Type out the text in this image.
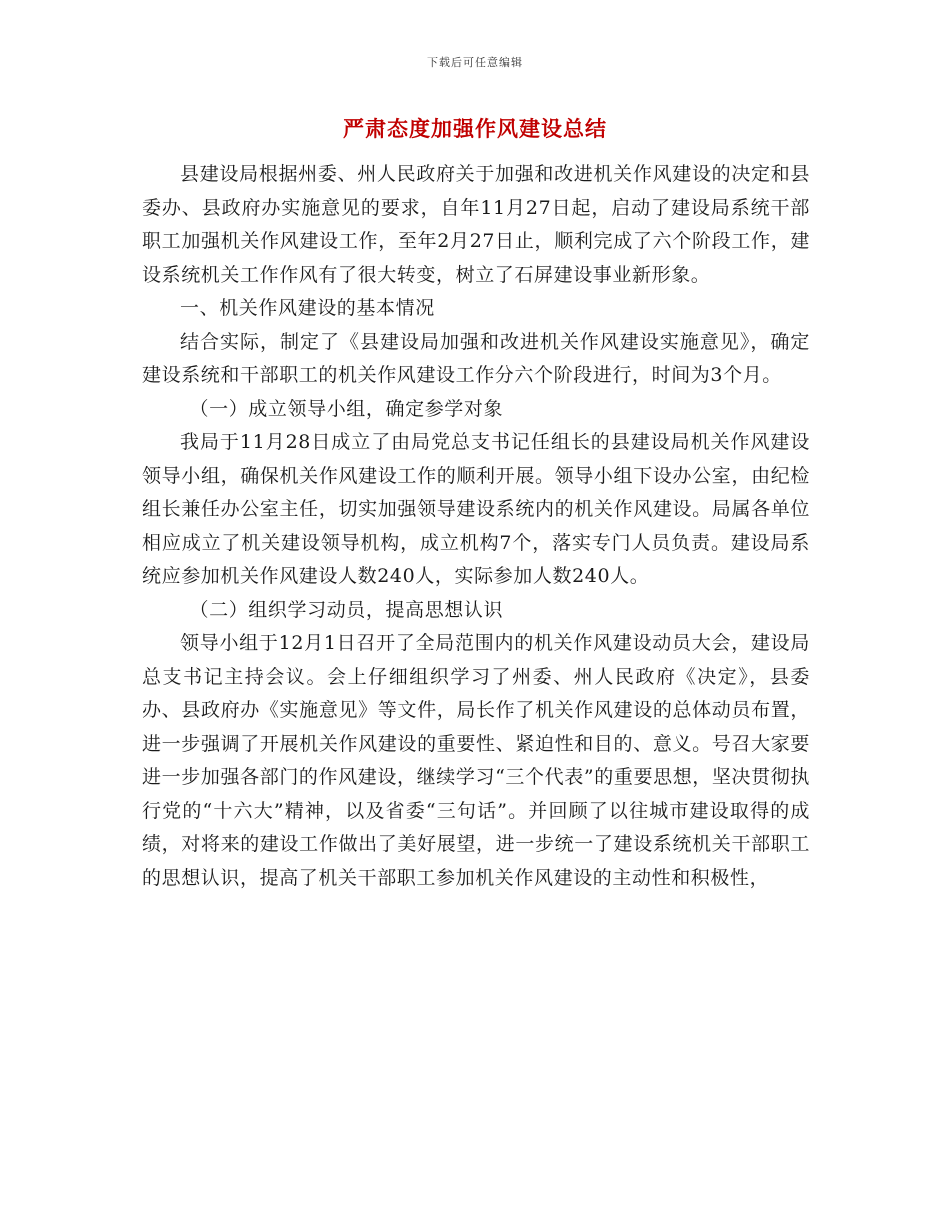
下载后可任意编辑
严肃态度加强作风建设总结

县建设局根据州委、州人民政府关于加强和改进机关作风建设的决定和县委办、县政府办实施意见的要求，自年11月27日起，启动了建设局系统干部职工加强机关作风建设工作，至年2月27日止，顺利完成了六个阶段工作，建设系统机关工作作风有了很大转变，树立了石屏建设事业新形象。

一、机关作风建设的基本情况

结合实际，制定了《县建设局加强和改进机关作风建设实施意见》，确定建设系统和干部职工的机关作风建设工作分六个阶段进行，时间为3个月。

（一）成立领导小组，确定参学对象

我局于11月28日成立了由局党总支书记任组长的县建设局机关作风建设领导小组，确保机关作风建设工作的顺利开展。领导小组下设办公室，由纪检组长兼任办公室主任，切实加强领导建设系统内的机关作风建设。局属各单位相应成立了机关建设领导机构，成立机构7个，落实专门人员负责。建设局系统应参加机关作风建设人数240人，实际参加人数240人。

（二）组织学习动员，提高思想认识

领导小组于12月1日召开了全局范围内的机关作风建设动员大会，建设局总支书记主持会议。会上仔细组织学习了州委、州人民政府《决定》，县委办、县政府办《实施意见》等文件，局长作了机关作风建设的总体动员布置，进一步强调了开展机关作风建设的重要性、紧迫性和目的、意义。号召大家要进一步加强各部门的作风建设，继续学习“三个代表”的重要思想，坚决贯彻执行党的“十六大”精神，以及省委“三句话”。并回顾了以往城市建设取得的成绩，对将来的建设工作做出了美好展望，进一步统一了建设系统机关干部职工的思想认识，提高了机关干部职工参加机关作风建设的主动性和积极性，
